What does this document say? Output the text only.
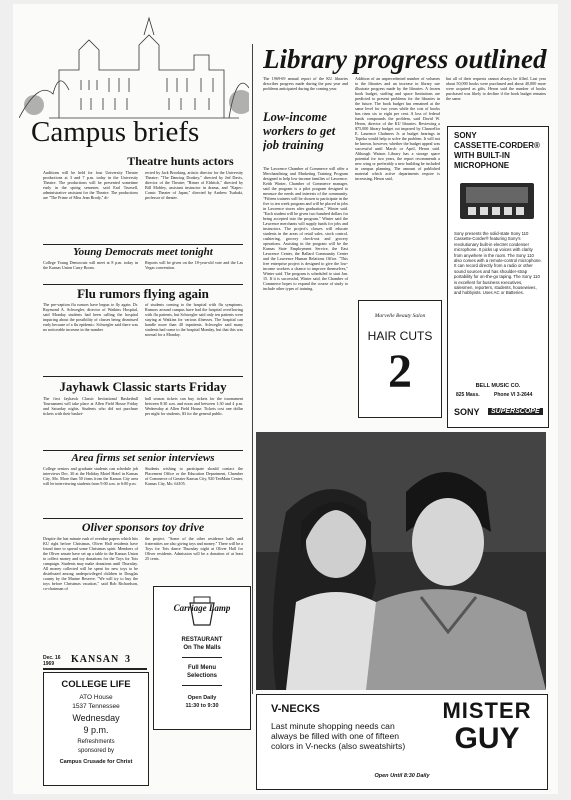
Campus briefs
Theatre hunts actors
Auditions will be held for four University Theatre productions at 3 and 7 p.m. today in the University Theatre. The productions will be presented sometime early in the spring semester, said Earl Truesell, administrative assistant for the Theatre. The productions are "The Prime of Miss Jean Brody," di-
rected by Jack Brooking, artistic director for the University Theatre; "The Dancing Donkey," directed by Jed Davis, director of the Theatre; "Rimer of Eldritch," directed by Bill Mobley, assistant instructor in drama, and "Kapec: Comic Theater of Japan," directed by Andrew Tsubaki, professor of theater.
Young Democrats meet tonight
College Young Democrats will meet at 8 p.m. today in the Kansas Union Curry Room.
Reports will be given on the 18-year-old vote and the Las Vegas convention.
Flu rumors flying again
The pre-vaption flu rumors have begun to fly again. Dr. Raymond A. Schwegler, director of Watkins Hospital, said Monday students had been calling the hospital inquiring about the possibility of classes being dismissed early because of a flu epidemic. Schwegler said there was no noticeable increase in the number
of students coming to the hospital with flu symptoms. Rumors around campus have had the hospital overflowing with flu patients, but Schwegler said only ten patients were staying at Watkins for various illnesses. The hospital can handle more than 40 inpatients. Schwegler said many students had come to the hospital Monday, but that this was normal for a Monday.
Jayhawk Classic starts Friday
The first Jayhawk Classic Invitational Basketball Tournament will take place at Allen Field House Friday and Saturday nights. Students who did not purchase tickets with their basket-
ball season tickets can buy tickets for the tournament between 8:30 a.m. and noon and between 1:30 and 4 p.m. Wednesday at Allen Field House. Tickets cost one dollar per night for students, $3 for the general public.
Area firms set senior interviews
College seniors and graduate students can schedule job interviews Dec. 30 at the Holiday Motel Hotel in Kansas City, Mo. More than 50 firms from the Kansas City area will be interviewing students from 9:00 a.m. to 6:00 p.m.
Students wishing to participate should contact the Placement Office or the Education Department, Chamber of Commerce of Greater Kansas City, 920 TenMain Center, Kansas City, Mo. 64105.
Oliver sponsors toy drive
Despite the last minute rush of overdue papers which hits KU right before Christmas, Oliver Hall residents have found time to spread some Christmas spirit. Members of the Oliver senate have set up a table in the Kansas Union to collect money and toy donations for the Toys for Tots campaign. Students may make donations until Thursday. All money collected will be spent for new toys to be distributed among underprivileged children in Douglas county by the Marine Reserve. "We will try to buy the toys before Christmas vacation," said Bob Richardson, co-chairman of
the project. "Some of the other residence halls and fraternities are also giving toys and money." There will be a Toys for Tots dance Thursday night at Oliver Hall for Oliver residents. Admission will be a donation of at least 25 cents.
Carriage Lamp
RESTAURANT
On The Malls
Full Menu
Selections
Open Daily
11:30 to 9:30
Dec. 16
1969 KANSAN 3
COLLEGE LIFE
ATO House
1537 Tennessee
Wednesday
9 p.m.
Refreshments
sponsored by
Campus Crusade for Christ
Library progress outlined
The 1969-69 annual report of the KU libraries describes progress made during the past year and problems anticipated during the coming year.
Addition of an unprecedented number of volumes to the libraries and an increase in library use illustrate progress made by the libraries. A frozen book budget, staffing and space limitations are predicted to present problems for the libraries in the future. The book budget has remained at the same level for two years while the cost of books has risen six to eight per cent. A loss of federal funds compounds the problem, said David W. Heron, director of the KU libraries. Reviewing a $75,000 library budget cut imposed by Chancellor E. Laurence Chalmers Jr. at budget hearings in Topeka would help to solve the problem. It will not be known, however, whether the budget appeal was successful until March or April, Heron said. Although Watson Library has a storage space potential for two years, the report recommends a new wing or preferably a new building be included in campus planning. The amount of published material which active departments require is increasing, Heron said,
but all of their requests cannot always be filled. Last year about 50,000 books were purchased and about 40,000 more were acquired as gifts. Heron said the number of books purchased was likely to decline if the book budget remains the same.
Low-income workers to get job training
The Lawrence Chamber of Commerce will offer a Merchandising and Marketing Training Program designed to help low-income families of Lawrence. Keith Winter, Chamber of Commerce manager, said the program is a pilot program designed to measure the needs and interests of the community. "Fifteen trainees will be chosen to participate in the five to ten week program and will be placed in jobs in Lawrence stores after graduation," Winter said. "Each student will be given two hundred dollars for being accepted into the program." Winter said the Lawrence merchants will supply funds for jobs and instructors. The project's classes will educate students in the areas of retail sales, stock control, cashiering, grocery check-out and grocery operations. Assisting in the program will be the Kansas State Employment Service, the East Lawrence Center, the Ballard Community Center and the Lawrence Human Relations Office. "This free enterprise project is designed to give the low-income workers a chance to improve themselves," Winter said. The program is scheduled to start Jan. 15. If it is successful, Winter said, the Chamber of Commerce hopes to expand the course of study to include other types of training.
Marvelle Beauty Salon
HAIR CUTS
2
SONY
CASSETTE-CORDER®
WITH BUILT-IN
MICROPHONE
Sony presents the solid-state Sony 110 Cassette-Corder® featuring Sony's revolutionary built-in electret condenser microphone. It picks up voices with clarity from anywhere in the room. The Sony 110 also comes with a remote-control microphone. It can record directly from a radio or other sound sources and has shoulder-strap portability for on-the-go taping. The Sony 110 is excellent for business executives, salesmen, reporters, students, housewives, and hobbyists. Uses AC or Batteries.
BELL MUSIC CO.
825 Mass.	Phone VI 3-2644
SONY	SUPERSCOPE
V-NECKS
Last minute shopping needs can always be filled with one of fifteen colors in V-necks (also sweatshirts)
MISTER
GUY
Open Until 8:30 Daily
